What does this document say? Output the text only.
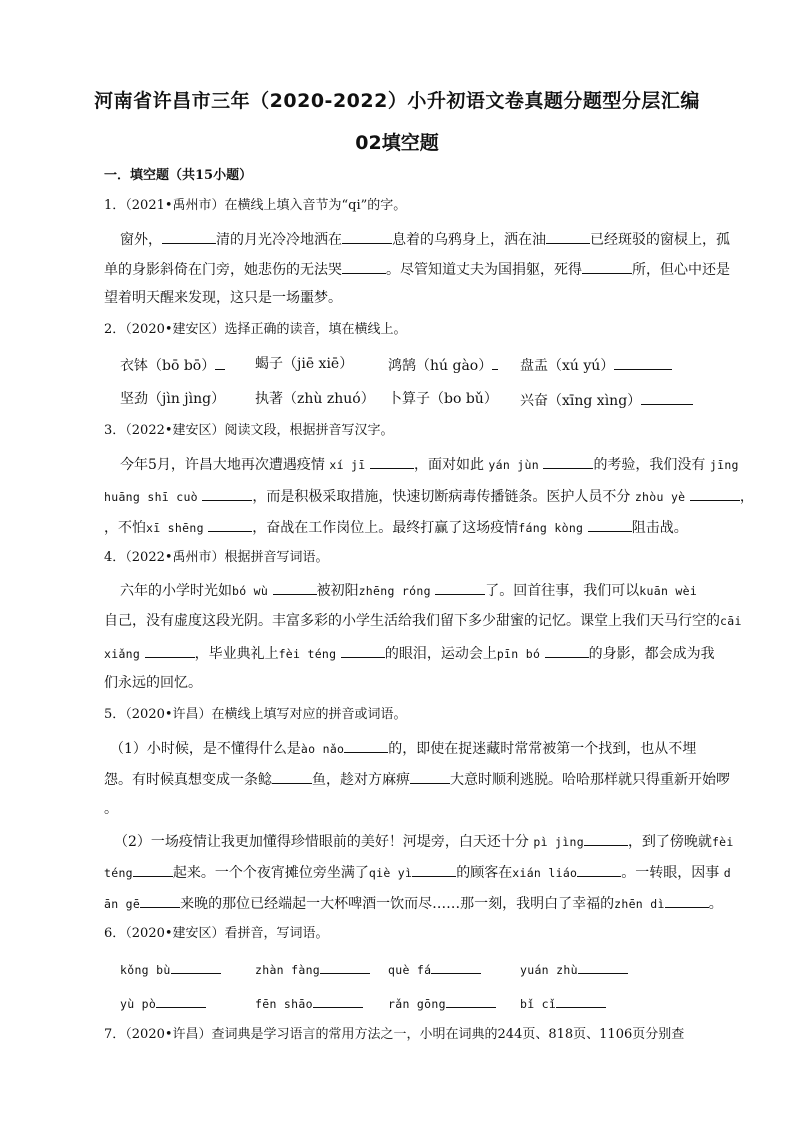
河南省许昌市三年（2020-2022）小升初语文卷真题分题型分层汇编
02填空题
一．填空题（共15小题）
1．（2021•禹州市）在横线上填入音节为“qi”的字。
窗外，	清的月光冷冷地洒在	息着的乌鸦身上，洒在油	已经斑驳的窗棂上，孤
单的身影斜倚在门旁，她悲伤的无法哭	。尽管知道丈夫为国捐躯，死得	所，但心中还是
望着明天醒来发现，这只是一场噩梦。
2．（2020•建安区）选择正确的读音，填在横线上。
衣钵（bō bō）	蝎子（jiē xiē） 鸿鹄（hú gào）	盘盂（xú yú）
坚劲（jìn jìng） 执著（zhù zhuó） 卜算子（bo bǔ） 兴奋（xīng xìng）
3．（2022•建安区）阅读文段，根据拼音写汉字。
今年5月，许昌大地再次遭遇疫情 xí jī	，面对如此 yán jùn	的考验，我们没有 jīng
huāng shī cuò	，而是积极采取措施，快速切断病毒传播链条。医护人员不分 zhòu yè	，
，不怕xī shēng	，奋战在工作岗位上。最终打赢了这场疫情fáng kòng	阻击战。
4．（2022•禹州市）根据拼音写词语。
六年的小学时光如bó wù	被初阳zhēng róng	了。回首往事，我们可以kuān wèi
自己，没有虚度这段光阴。丰富多彩的小学生活给我们留下多少甜蜜的记忆。课堂上我们天马行空的cāi
xiǎng	，毕业典礼上fèi téng	的眼泪，运动会上pīn bó	的身影，都会成为我
们永远的回忆。
5．（2020•许昌）在横线上填写对应的拼音或词语。
（1）小时候，是不懂得什么是ào nǎo	的，即使在捉迷藏时常常被第一个找到，也从不埋
怨。有时候真想变成一条鲶	鱼，趁对方麻痹	大意时顺利逃脱。哈哈那样就只得重新开始啰
。
（2）一场疫情让我更加懂得珍惜眼前的美好！河堤旁，白天还十分 pì jìng	，到了傍晚就fèi
téng	起来。一个个夜宵摊位旁坐满了qiè yì	的顾客在xián liáo	。一转眼，因事 d
ān gē	来晚的那位已经端起一大杯啤酒一饮而尽……那一刻，我明白了幸福的zhēn dì	。
6．（2020•建安区）看拼音，写词语。
kǒng bù	zhàn fàng	què fá	yuán zhù
yù pò	fēn shāo	rǎn gōng	bǐ cǐ
7．（2020•许昌）查词典是学习语言的常用方法之一，小明在词典的244页、818页、1106页分别查
